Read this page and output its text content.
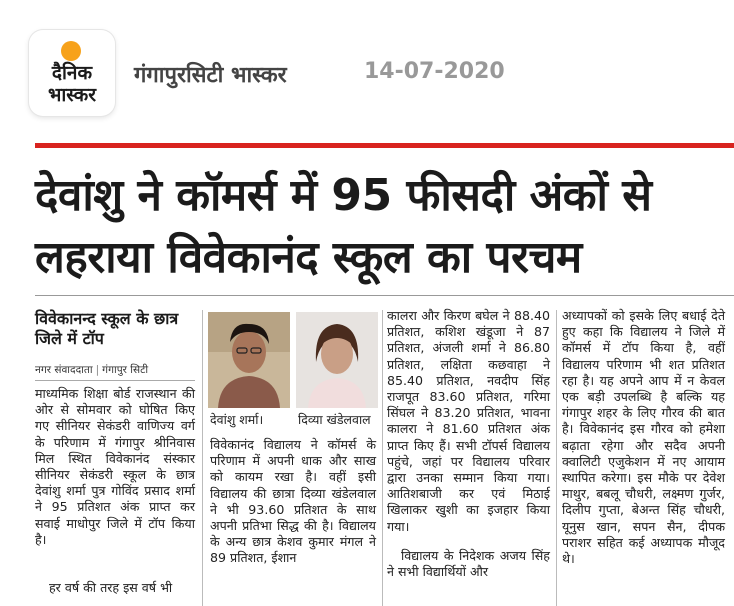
दैनिक
भास्कर
गंगापुरसिटी भास्कर	14-07-2020
देवांशु ने कॉमर्स में 95 फीसदी अंकों से
लहराया विवेकानंद स्कूल का परचम
विवेकानन्द स्कूल के छात्र जिले में टॉप
नगर संवाददाता | गंगापुर सिटी
माध्यमिक शिक्षा बोर्ड राजस्थान की ओर से सोमवार को घोषित किए गए सीनियर सेकंडरी वाणिज्य वर्ग के परिणाम में गंगापुर श्रीनिवास मिल स्थित विवेकानंद संस्कार सीनियर सेकंडरी स्कूल के छात्र देवांशु शर्मा पुत्र गोविंद प्रसाद शर्मा ने 95 प्रतिशत अंक प्राप्त कर सवाई माधोपुर जिले में टॉप किया है।
हर वर्ष की तरह इस वर्ष भी
देवांशु शर्मा।	दिव्या खंडेलवाल
विवेकानंद विद्यालय ने कॉमर्स के परिणाम में अपनी धाक और साख को कायम रखा है। वहीं इसी विद्यालय की छात्रा दिव्या खंडेलवाल ने भी 93.60 प्रतिशत के साथ अपनी प्रतिभा सिद्ध की है। विद्यालय के अन्य छात्र केशव कुमार मंगल ने 89 प्रतिशत, ईशान
कालरा और किरण बघेल ने 88.40 प्रतिशत, कशिश खंडूजा ने 87 प्रतिशत, अंजली शर्मा ने 86.80 प्रतिशत, लक्षिता कछवाहा ने 85.40 प्रतिशत, नवदीप सिंह राजपूत 83.60 प्रतिशत, गरिमा सिंघल ने 83.20 प्रतिशत, भावना कालरा ने 81.60 प्रतिशत अंक प्राप्त किए हैं। सभी टॉपर्स विद्यालय पहुंचे, जहां पर विद्यालय परिवार द्वारा उनका सम्मान किया गया। आतिशबाजी कर एवं मिठाई खिलाकर खुशी का इजहार किया गया।
विद्यालय के निदेशक अजय सिंह ने सभी विद्यार्थियों और
अध्यापकों को इसके लिए बधाई देते हुए कहा कि विद्यालय ने जिले में कॉमर्स में टॉप किया है, वहीं विद्यालय परिणाम भी शत प्रतिशत रहा है। यह अपने आप में न केवल एक बड़ी उपलब्धि है बल्कि यह गंगापुर शहर के लिए गौरव की बात है। विवेकानंद इस गौरव को हमेशा बढ़ाता रहेगा और सदैव अपनी क्वालिटी एजुकेशन में नए आयाम स्थापित करेगा। इस मौके पर देवेश माथुर, बबलू चौधरी, लक्ष्मण गुर्जर, दिलीप गुप्ता, बेअन्त सिंह चौधरी, यूनुस खान, सपन सैन, दीपक पराशर सहित कई अध्यापक मौजूद थे।
